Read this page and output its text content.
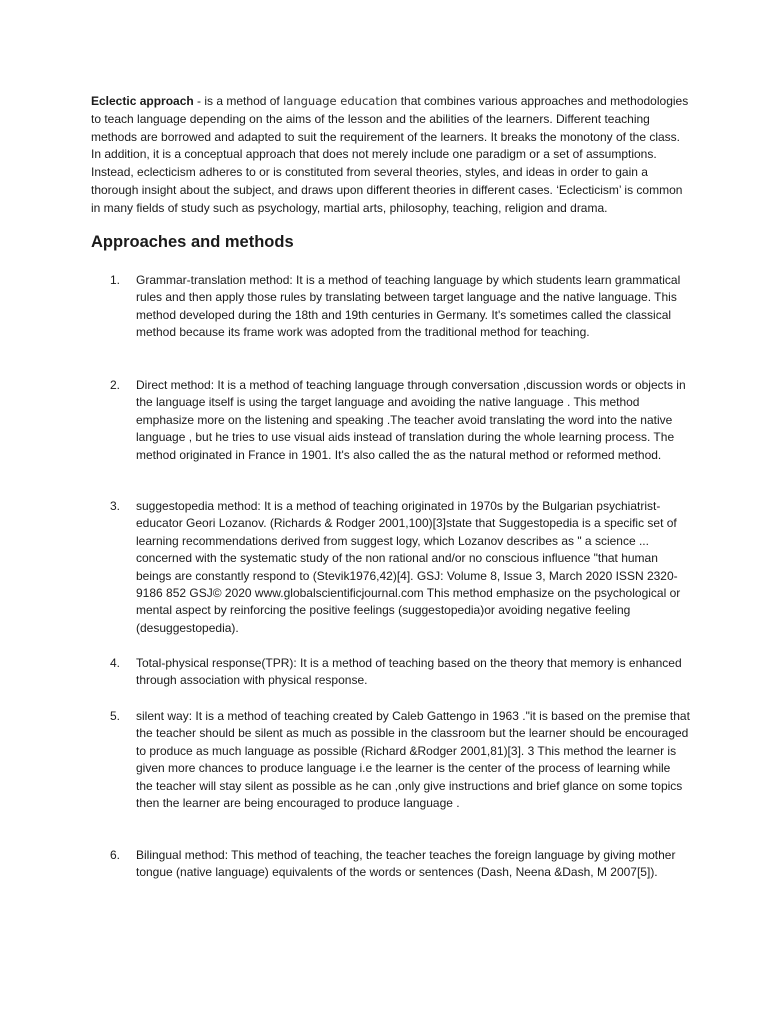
Eclectic approach - is a method of language education that combines various approaches and methodologies to teach language depending on the aims of the lesson and the abilities of the learners. Different teaching methods are borrowed and adapted to suit the requirement of the learners. It breaks the monotony of the class. In addition, it is a conceptual approach that does not merely include one paradigm or a set of assumptions. Instead, eclecticism adheres to or is constituted from several theories, styles, and ideas in order to gain a thorough insight about the subject, and draws upon different theories in different cases. ‘Eclecticism’ is common in many fields of study such as psychology, martial arts, philosophy, teaching, religion and drama.

Approaches and methods
1.	Grammar-translation method: It is a method of teaching language by which students learn grammatical rules and then apply those rules by translating between target language and the native language. This method developed during the 18th and 19th centuries in Germany. It's sometimes called the classical method because its frame work was adopted from the traditional method for teaching.
2.	Direct method: It is a method of teaching language through conversation ,discussion words or objects in the language itself is using the target language and avoiding the native language . This method emphasize more on the listening and speaking .The teacher avoid translating the word into the native language , but he tries to use visual aids instead of translation during the whole learning process. The method originated in France in 1901. It's also called the as the natural method or reformed method.
3.	suggestopedia method: It is a method of teaching originated in 1970s by the Bulgarian psychiatrist-educator Geori Lozanov. (Richards & Rodger 2001,100)[3]state that Suggestopedia is a specific set of learning recommendations derived from suggest logy, which Lozanov describes as " a science ... concerned with the systematic study of the non rational and/or no conscious influence "that human beings are constantly respond to (Stevik1976,42)[4]. GSJ: Volume 8, Issue 3, March 2020 ISSN 2320-9186 852 GSJ© 2020 www.globalscientificjournal.com This method emphasize on the psychological or mental aspect by reinforcing the positive feelings (suggestopedia)or avoiding negative feeling (desuggestopedia).
4.	Total-physical response(TPR): It is a method of teaching based on the theory that memory is enhanced through association with physical response.
5.	silent way: It is a method of teaching created by Caleb Gattengo in 1963 ."it is based on the premise that the teacher should be silent as much as possible in the classroom but the learner should be encouraged to produce as much language as possible (Richard &Rodger 2001,81)[3]. 3 This method the learner is given more chances to produce language i.e the learner is the center of the process of learning while the teacher will stay silent as possible as he can ,only give instructions and brief glance on some topics then the learner are being encouraged to produce language .
6.	Bilingual method: This method of teaching, the teacher teaches the foreign language by giving mother tongue (native language) equivalents of the words or sentences (Dash, Neena &Dash, M 2007[5]).
